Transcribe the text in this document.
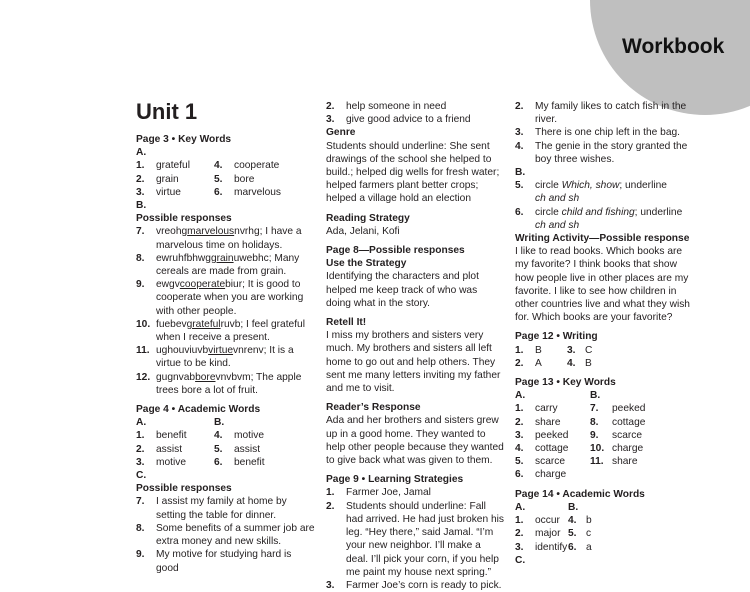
Workbook
Unit 1
Page 3 • Key Words
A.
1.	grateful	4.	cooperate
2.	grain	5.	bore
3.	virtue	6.	marvelous
B.
Possible responses
7.	vreohgmarvelousnvrhg; I have a marvelous time on holidays.
8.	ewruhfbhwggrainuwebhc; Many cereals are made from grain.
9.	ewgvcooperatebiur; It is good to cooperate when you are working with other people.
10. fuebevgratefulruvb; I feel grateful when I receive a present.
11. ughouviuvbvirtuevnrenv; It is a virtue to be kind.
12. gugnvabborevnvbvm; The apple trees bore a lot of fruit.
Page 4 • Academic Words
A.	B.
1.	benefit	4.	motive
2.	assist	5.	assist
3.	motive	6.	benefit
C.
Possible responses
7.	I assist my family at home by setting the table for dinner.
8.	Some benefits of a summer job are extra money and new skills.
9.	My motive for studying hard is good
2.	help someone in need
3.	give good advice to a friend
Genre

Students should underline: She sent drawings of the school she helped to build.; helped dig wells for fresh water; helped farmers plant better crops; helped a village hold an election

Reading Strategy

Ada, Jelani, Kofi

Page 8—Possible responses
Use the Strategy

Identifying the characters and plot helped me keep track of who was doing what in the story.

Retell It!

I miss my brothers and sisters very much. My brothers and sisters all left home to go out and help others. They sent me many letters inviting my father and me to visit.

Reader’s Response

Ada and her brothers and sisters grew up in a good home. They wanted to help other people because they wanted to give back what was given to them.

Page 9 • Learning Strategies
1.	Farmer Joe, Jamal
2.	Students should underline: Fall had arrived. He had just broken his leg. “Hey there,” said Jamal. “I’m your new neighbor. I’ll make a deal. I’ll pick your corn, if you help me paint my house next spring.”
3.	Farmer Joe’s corn is ready to pick.
2.	My family likes to catch fish in the river.
3.	There is one chip left in the bag.
4.	The genie in the story granted the boy three wishes.
B.
5.	circle Which, show; underline
ch and sh
6.	circle child and fishing; underline
ch and sh
Writing Activity—Possible response

I like to read books. Which books are my favorite? I think books that show how people live in other places are my favorite. I like to see how children in other countries live and what they wish for. Which books are your favorite?

Page 12 • Writing
1.	B	3. C
2.	A	4. B
Page 13 • Key Words
A.	B.
1.	carry	7.	peeked
2.	share	8.	cottage
3.	peeked	9.	scarce
4.	cottage	10. charge
5.	scarce	11. share
6.	charge
Page 14 • Academic Words
A.	B.
1.	occur 4. b
2.	major 5. c
3.	identify 6. a
C.
